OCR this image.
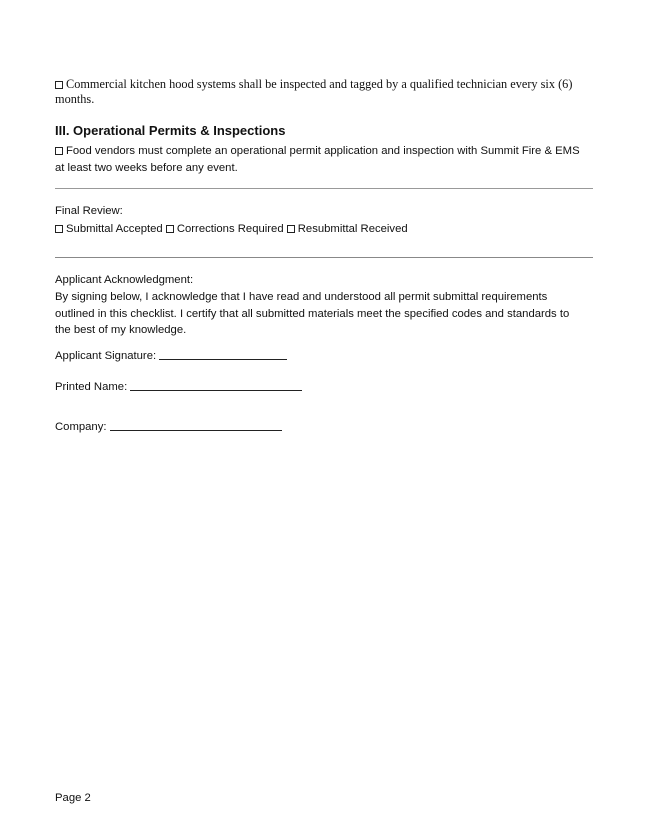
Commercial kitchen hood systems shall be inspected and tagged by a qualified technician every six (6) months.
III. Operational Permits & Inspections
Food vendors must complete an operational permit application and inspection with Summit Fire & EMS at least two weeks before any event.
Final Review:
Submittal Accepted Corrections Required Resubmittal Received
Applicant Acknowledgment:
By signing below, I acknowledge that I have read and understood all permit submittal requirements outlined in this checklist. I certify that all submitted materials meet the specified codes and standards to the best of my knowledge.
Applicant Signature:
Printed Name:
Company:
Page 2
